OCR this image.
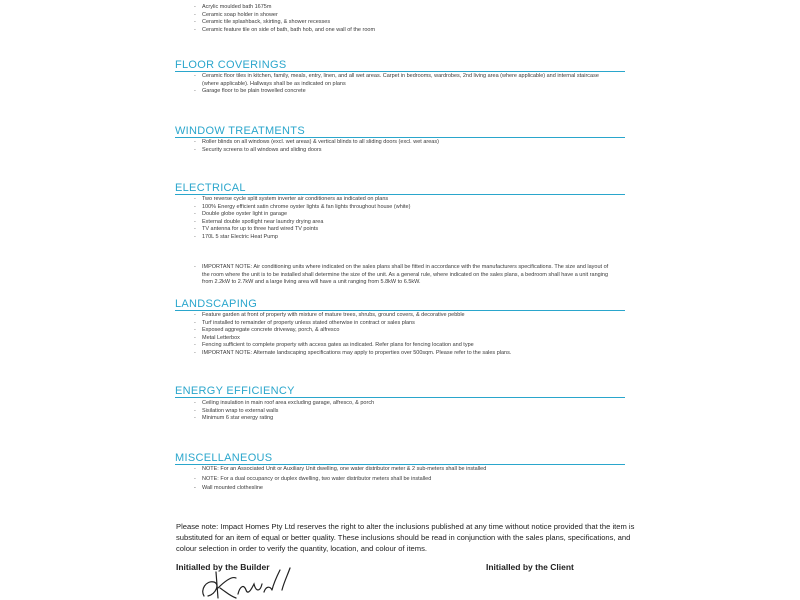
- Acrylic moulded bath 1675m
- Ceramic soap holder in shower
- Ceramic tile splashback, skirting, & shower recesses
- Ceramic feature tile on side of bath, bath hob, and one wall of the room
FLOOR COVERINGS
- Ceramic floor tiles in kitchen, family, meals, entry, linen, and all wet areas. Carpet in bedrooms, wardrobes, 2nd living area (where applicable) and internal staircase (where applicable). Hallways shall be as indicated on plans
- Garage floor to be plain trowelled concrete
WINDOW TREATMENTS
- Roller blinds on all windows (excl. wet areas) & vertical blinds to all sliding doors (excl. wet areas)
- Security screens to all windows and sliding doors
ELECTRICAL
- Two reverse cycle split system inverter air conditioners as indicated on plans
- 100% Energy efficient satin chrome oyster lights & fan lights throughout house (white)
- Double globe oyster light in garage
- External double spotlight near laundry drying area
- TV antenna for up to three hard wired TV points
- 170L 5 star Electric Heat Pump
- IMPORTANT NOTE: Air conditioning units where indicated on the sales plans shall be fitted in accordance with the manufacturers specifications. The size and layout of the room where the unit is to be installed shall determine the size of the unit. As a general rule, where indicated on the sales plans, a bedroom shall have a unit ranging from 2.2kW to 2.7kW and a large living area will have a unit ranging from 5.8kW to 6.5kW.
LANDSCAPING
- Feature garden at front of property with mixture of mature trees, shrubs, ground covers, & decorative pebble
- Turf installed to remainder of property unless stated otherwise in contract or sales plans
- Exposed aggregate concrete driveway, porch, & alfresco
- Metal Letterbox
- Fencing sufficient to complete property with access gates as indicated. Refer plans for fencing location and type
- IMPORTANT NOTE: Alternate landscaping specifications may apply to properties over 500sqm. Please refer to the sales plans.
ENERGY EFFICIENCY
- Ceiling insulation in main roof area excluding garage, alfresco, & porch
- Sisilation wrap to external walls
- Minimum 6 star energy rating
MISCELLANEOUS
- NOTE: For an Associated Unit or Auxiliary Unit dwelling, one water distributor meter & 2 sub-meters shall be installed
- NOTE: For a dual occupancy or duplex dwelling, two water distributor meters shall be installed
- Wall mounted clothesline
Please note: Impact Homes Pty Ltd reserves the right to alter the inclusions published at any time without notice provided that the item is substituted for an item of equal or better quality. These inclusions should be read in conjunction with the sales plans, specifications, and colour selection in order to verify the quantity, location, and colour of items.
Initialled by the Builder	Initialled by the Client
